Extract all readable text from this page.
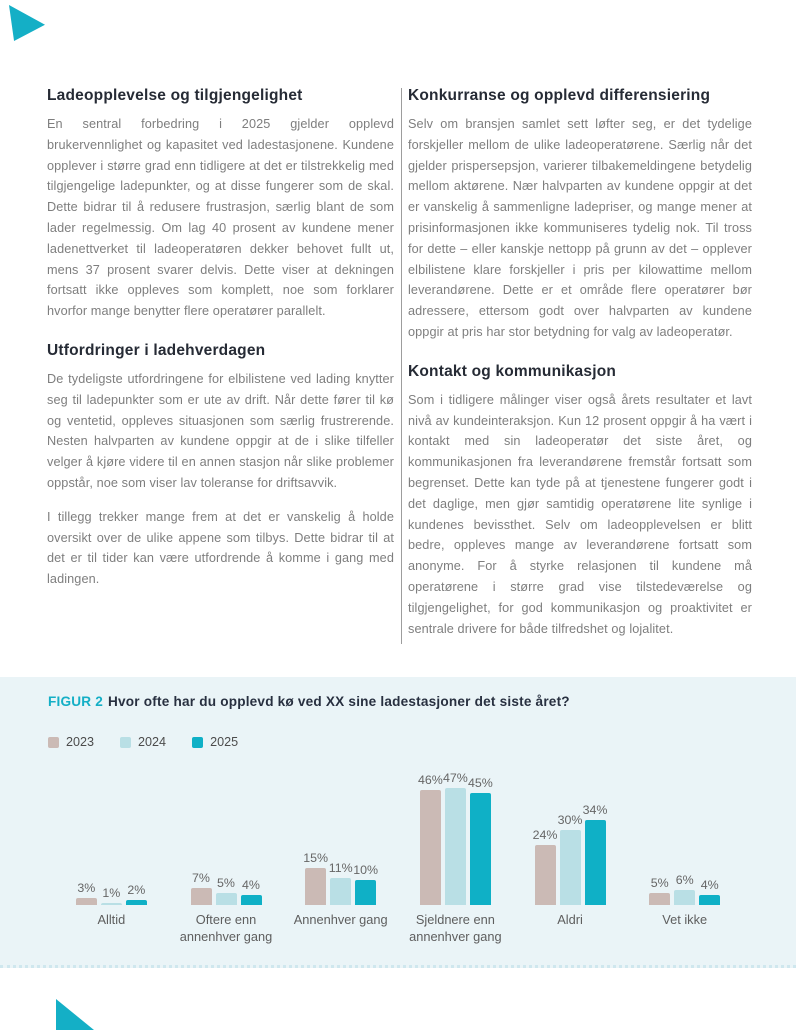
Ladeopplevelse og tilgjengelighet

En sentral forbedring i 2025 gjelder opplevd brukervennlighet og kapasitet ved ladestasjonene. Kundene opplever i større grad enn tidligere at det er tilstrekkelig med tilgjengelige ladepunkter, og at disse fungerer som de skal. Dette bidrar til å redusere frustrasjon, særlig blant de som lader regelmessig. Om lag 40 prosent av kundene mener ladenettverket til ladeoperatøren dekker behovet fullt ut, mens 37 prosent svarer delvis. Dette viser at dekningen fortsatt ikke oppleves som komplett, noe som forklarer hvorfor mange benytter flere operatører parallelt.

Utfordringer i ladehverdagen

De tydeligste utfordringene for elbilistene ved lading knytter seg til ladepunkter som er ute av drift. Når dette fører til kø og ventetid, oppleves situasjonen som særlig frustrerende. Nesten halvparten av kundene oppgir at de i slike tilfeller velger å kjøre videre til en annen stasjon når slike problemer oppstår, noe som viser lav toleranse for driftsavvik.

I tillegg trekker mange frem at det er vanskelig å holde oversikt over de ulike appene som tilbys. Dette bidrar til at det er til tider kan være utfordrende å komme i gang med ladingen.

Konkurranse og opplevd differensiering

Selv om bransjen samlet sett løfter seg, er det tydelige forskjeller mellom de ulike ladeoperatørene. Særlig når det gjelder prispersepsjon, varierer tilbakemeldingene betydelig mellom aktørene. Nær halvparten av kundene oppgir at det er vanskelig å sammenligne ladepriser, og mange mener at prisinformasjonen ikke kommuniseres tydelig nok. Til tross for dette – eller kanskje nettopp på grunn av det – opplever elbilistene klare forskjeller i pris per kilowattime mellom leverandørene. Dette er et område flere operatører bør adressere, ettersom godt over halvparten av kundene oppgir at pris har stor betydning for valg av ladeoperatør.

Kontakt og kommunikasjon

Som i tidligere målinger viser også årets resultater et lavt nivå av kundeinteraksjon. Kun 12 prosent oppgir å ha vært i kontakt med sin ladeoperatør det siste året, og kommunikasjonen fra leverandørene fremstår fortsatt som begrenset. Dette kan tyde på at tjenestene fungerer godt i det daglige, men gjør samtidig operatørene lite synlige i kundenes bevissthet. Selv om ladeopplevelsen er blitt bedre, oppleves mange av leverandørene fortsatt som anonyme. For å styrke relasjonen til kundene må operatørene i større grad vise tilstedeværelse og tilgjengelighet, for god kommunikasjon og proaktivitet er sentrale drivere for både tilfredshet og lojalitet.

FIGUR 2 Hvor ofte har du opplevd kø ved XX sine ladestasjoner det siste året?
2023	2024	2025
3% 1% 2%
7% 5% 4%
15%
11% 10%
46% 47% 45%
24%
30%
34%
5% 6% 4%
Alltid	Oftere enn annenhver gang
Annenhver gang	Sjeldnere enn annenhver gang
Aldri	Vet ikke
